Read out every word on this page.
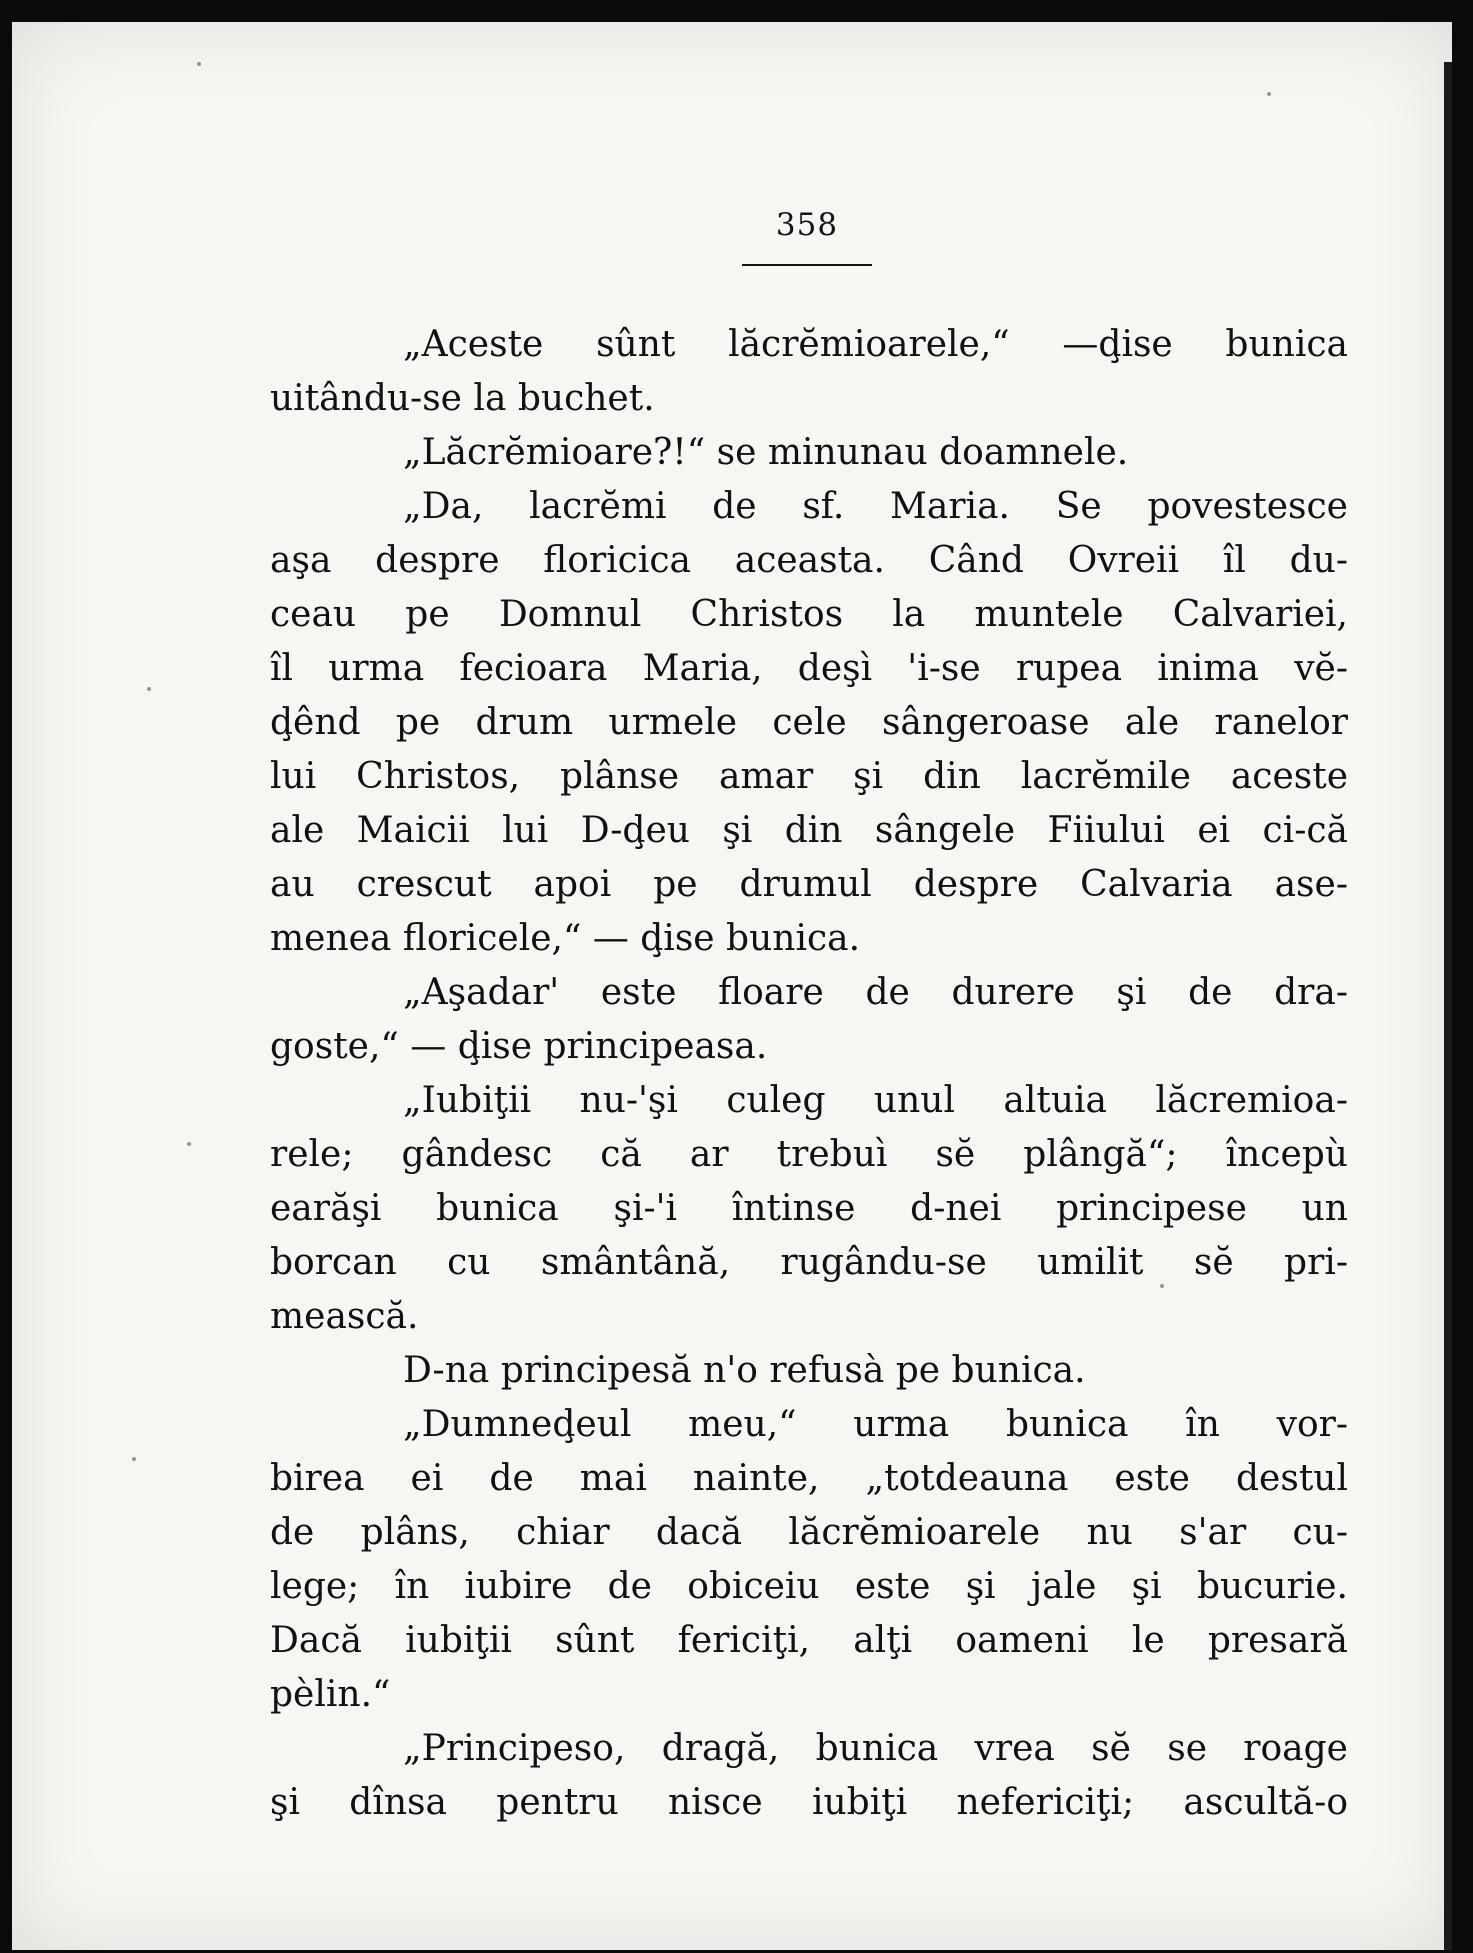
358
„Aceste sûnt lăcrĕmioarele,“ —ḑise bunica
uitându-se la buchet.
„Lăcrĕmioare?!“ se minunau doamnele.
„Da, lacrĕmi de sf. Maria. Se povestesce
aşa despre floricica aceasta. Când Ovreii îl du-
ceau pe Domnul Christos la muntele Calvariei,
îl urma fecioara Maria, deşì 'i-se rupea inima vĕ-
ḑênd pe drum urmele cele sângeroase ale ranelor
lui Christos, plânse amar şi din lacrĕmile aceste
ale Maicii lui D-ḑeu şi din sângele Fiiului ei ci-că
au crescut apoi pe drumul despre Calvaria ase-
menea floricele,“ — ḑise bunica.
„Aşadar' este floare de durere şi de dra-
goste,“ — ḑise principeasa.
„Iubiţii nu-'şi culeg unul altuia lăcremioa-
rele; gândesc că ar trebuì sĕ plângă“; începù
earăşi bunica şi-'i întinse d-nei principese un
borcan cu smântână, rugându-se umilit sĕ pri-
mească.
D-na principesă n'o refusà pe bunica.
„Dumneḑeul meu,“ urma bunica în vor-
birea ei de mai nainte, „totdeauna este destul
de plâns, chiar dacă lăcrĕmioarele nu s'ar cu-
lege; în iubire de obiceiu este şi jale şi bucurie.
Dacă iubiţii sûnt fericiţi, alţi oameni le presară
pèlin.“
„Principeso, dragă, bunica vrea sĕ se roage
şi dînsa pentru nisce iubiţi nefericiţi; ascultă-o
